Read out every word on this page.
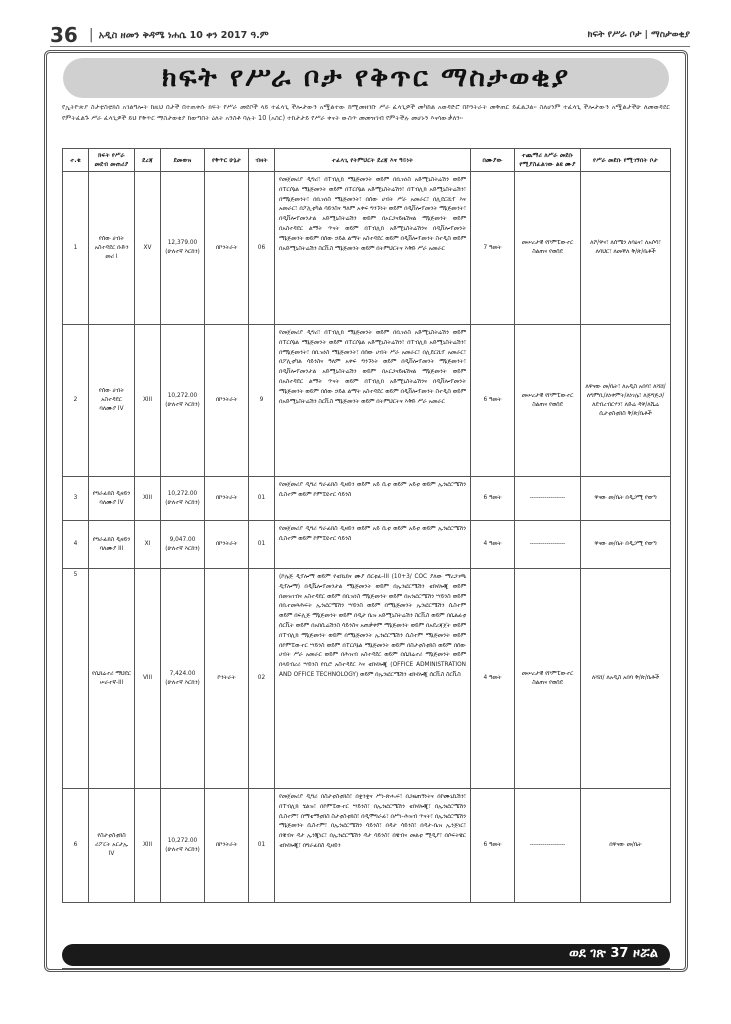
36 | አዲስ ዘመን ቅዳሜ ነሐሴ 10 ቀን 2017 ዓ.ም	ክፍት የሥራ ቦታ | ማስታወቂያ
ክፍት የሥራ ቦታ የቅጥር ማስታወቂያ
የኢትዮጵያ ስታቲስቲክስ አገልግሎት ከዚህ በታች በተጠቀሱ ክፍት የሥራ መደቦች ላይ ተፈላጊ ችሎታውን አሟልተው ከሚመዘገቡ ሥራ ፈላጊዎች መካከል አወዳድሮ በኮንትራት መቅጠር ይፈልጋል፡፡ ስለሆነም ተፈላጊ ችሎታውን አሟልታችሁ ለመወዳደር የምትፈልጉ ሥራ ፈላጊዎች ይህ የቅጥር ማስታወቂያ ከወጣበት ዕለት አንስቶ ባሉት 10 (አስር) ተከታታይ የሥራ ቀናት ውስጥ መመዝገብ የምትችሉ መሆኑን እናሳውቃለን፡፡
ተ.ቁ	ክፍት የሥራ መደብ መጠሪያ	ደረጃ	ደመወዝ	የቅጥር ሁኔታ	ብዛት	ተፈላጊ የትምህርት ደረጃ እና ዓይነት	በሙያው	ተጨማሪ ለሥራ መደቡ የሚያስፈልገው ልዩ ሙያ	የሥራ መደቡ የሚገኝበት ቦታ
1	የሰው ሀብት አስተዳደር ቡድን መሪ I	XV	12,379.00 (ሁለተኛ እርከን)	በኮንትራት	06	የመጀመሪያ ዲግሪ፣ በፐብሊክ ማኔጅመንት ወይም በቢዝነስ አድሚኒስትሬሽን ወይም በፐርሶኔል ማኔጅመንት ወይም በፐርሶኔል አድሚኒስትሬሽን፣ በፐብሊክ አድሚኒስትሬሽን፣ በማኔጅመንት፣ በቢዝነስ ማኔጅመንት፣ በሰው ሀብት ሥራ አመራር፣ በሊደርሺፕ እና አመራር፣ በፖሊቲካል ሳይንስና ዓለም አቀፍ ግንኙነት ወይም በዲቨሎፕመንት ማኔጅመንት፣ በዲቨሎፕመንታል አድሚኒስትሬሽን ወይም በኦርጋናይዜሽናል ማኔጅመንት ወይም በአስተዳደር ልማት ጥናት ወይም በፐብሊክ አድሚኒስትሬሽንና በዲቨሎፕመንት ማኔጅመንት ወይም በሰው ኃይል ልማት አስተዳደር ወይም በዲቨሎፕመንት ስተዲስ ወይም በአድሚኒስትሬሽን ስርቪስ ማኔጅመንት ወይም በትምህርትና እቅድ ሥራ አመራር	7 ዓመት	መሠረታዊ የኮምፒውተር ስልጠና የወሰደ	ለሾ/ዋና፣ ለሰሜን ለባዕና፣ ለአሶሳ፣ ለባህር፣ ለመቐለ ቅ/ጽ/ቤቶች
2	የሰው ሀብት አስተዳደር ባለሙያ IV	XIII	10,272.00 (ሁለተኛ እርከን)	በኮንትራት	9	የመጀመሪያ ዲግሪ፣ በፐብሊክ ማኔጅመንት ወይም በቢዝነስ አድሚኒስትሬሽን ወይም በፐርሶኔል ማኔጅመንት ወይም በፐርሶኔል አድሚኒስትሬሽን፣ በፐብሊክ አድሚኒስትሬሽን፣ በማኔጅመንት፣ በቢዝነስ ማኔጅመንት፣ በሰው ሀብት ሥራ አመራር፣ በሊደርሺፕ አመራር፣ በፖሊቲካል ሳይንስና ዓለም አቀፍ ግንኙነት ወይም በዲቨሎፕመንት ማኔጅመንት፣ በዲቨሎፕመንታል አድሚኒስትሬሽን ወይም በኦርጋናይዜሽናል ማኔጅመንት ወይም በአስተዳደር ልማት ጥናት ወይም በፐብሊክ አድሚኒስትሬሽንና በዲቨሎፕመንት ማኔጅመንት ወይም በሰው ኃይል ልማት አስተዳደር ወይም በዲቨሎፕመንት ስተዲስ ወይም በአድሚኒስትሬሽን ስርቪስ ማኔጅመንት ወይም በትምህርትና እቅድ ሥራ አመራር	6 ዓመት	መሠረታዊ የኮምፒውተር ስልጠና የወሰደ	ለዋናው መ/ቤት፣ ለአዲስ አበባ፣ ለሻሸ/ለግምቢ/ለነቀምት/ለነገሌ፣ ለጅግጅጋ/ለደብረብርሃን፣ ለድሬ ዳዋ/ለሼሬ ሲታቲስቲክስ ቅ/ጽ/ቤቶች
3	የግራፊክስ ዲዛይን ባለሙያ IV	XIII	10,272.00 (ሁለተኛ እርከን)	በኮንትራት	01	የመጀመሪያ ዲግሪ ግራፊክስ ዲዛይን ወይም አይ ሲቲ ወይም አይቲ ወይም ኢንፎርሜሽን ሲስተም ወይም ኮምፒዩተር ሳይንስ	6 ዓመት	-----------------	ዋናው መ/ቤት በዲጋሚ የወጣ
4	የግራፊክስ ዲዛይን ባለሙያ III	XI	9,047.00 (ሁለተኛ እርከን)	በኮንትራት	01	የመጀመሪያ ዲግሪ ግራፊክስ ዲዛይን ወይም አይ ሲቲ ወይም አይቲ ወይም ኢንፎርሜሽን ሲስተም ወይም ኮምፒዩተር ሳይንስ	4 ዓመት	-----------------	ዋናው መ/ቤት በዲጋሚ የወጣ
5	የሴክሬተሪ ማህደር ሠራተኛ-III	VIII	7,424.00 (ሁለተኛ እርከን)	ኮንትራት	02	(ኮሌጅ ዲፕሎማ ወይም የቴክኒክና ሙያ ሰርቲፊ-III (10+3/ COC ያለው ማረጋገጫ ዲፕሎማ) በዲቬሎፕመንታል ማኔጅመንት ወይም በኢንፎርሜሽን ቴክኖሎጂ ወይም በመዝገብና አስተዳደር ወይም በቢዝነስ ማኔጅመንት ወይም በአንፎርሜሽን ሣይንስ ወይም በቢተመጻሕፍት ኢንፎርሜሽን ሣይንስ ወይም በማኔጅመንት ኢንፎርሜሽን ሲስተም ወይም በፍሊጅ ማኔጅመንት ወይም በዲታ ቤዝ አድሚኒስትሬሽን ስርቪስ ወይም በሴልፊቲ ሰርቪት ወይም በአክሲሬሽንስ ሳይንስና አጠቃቀም ማኔጅመንት ወይም በአደረጃጀት ወይም በፐብሊክ ማኔጅመንት ወይም በማኔጅመንት ኢንፎርሜሽን ሲስተም ማኔጅመንት ወይም በኮምፒውተር ሣይንስ ወይም በፐርሶኔል ማኔጅመንት ወይም በስታቲስቲክስ ወይም በሰው ሀብት ሥራ አመራር ወይም በሕዝብ አስተዳደር ወይም በሴክሬተሪ ማኔጅመንት ወይም በላይብረሪ ሣይንስ የቢሮ አስተዳደር እና ቴክኖሎጂ (OFFICE ADMINISTRATION AND OFFICE TECHNOLOGY) ወይም በኢንፎርሜሽን ቴክኖሎጂ ሰርቪስ ስርቪስ	4 ዓመት	መሠረታዊ የኮምፒውተር ስልጠና የወሰደ	ለሻሸ/ ለአዲስ አበባ ቅ/ጽ/ቤቶች
6	የስታቲስቲክስ ሪፖርት አርታኢ IV	XIII	10,272.00 (ሁለተኛ እርከን)	በኮንትራት	01	የመጀመሪያ ዲግሪ በስታቲስቲክስ፣ በቋንቋና ሥነ-ጽሑፍ፣ በጋዜጠኝነትና በኮሙኒኬሽን፣ በፐብሊክ ሄልዝ፣ በኮምፒውተር ሣይንስ፣ በኢንፎርሜሽን ቴክኖሎጂ፣ በኢንፎርሜሽን ሲስተም፣ በማቴማቲክስ ስታቲስቲክስ፣ በዲሞግራፊ፣ በሥነ-ሕዝብ ጥናት፣ በኢንፎርሜሽን ማኔጅመንት ሲስተም፣ በኢንፎርሜሽን ሳይንስ፣ በዳታ ሳይንስ፣ በዳታ-ቤዝ ኢንጅነር፣ በዌብና ዳታ ኢንጂነር፣ በኢንፎርሜሽን ዳታ ሳይንስ፣ በዌብና መልቲ ሚዲያ፣ በሶፍትዌር ቴክኖሎጂ፣ በግራፊክስ ዲዛይን	6 ዓመት	-----------------	በዋናው መ/ቤት
ወደ ገጽ 37 ዞሯል
